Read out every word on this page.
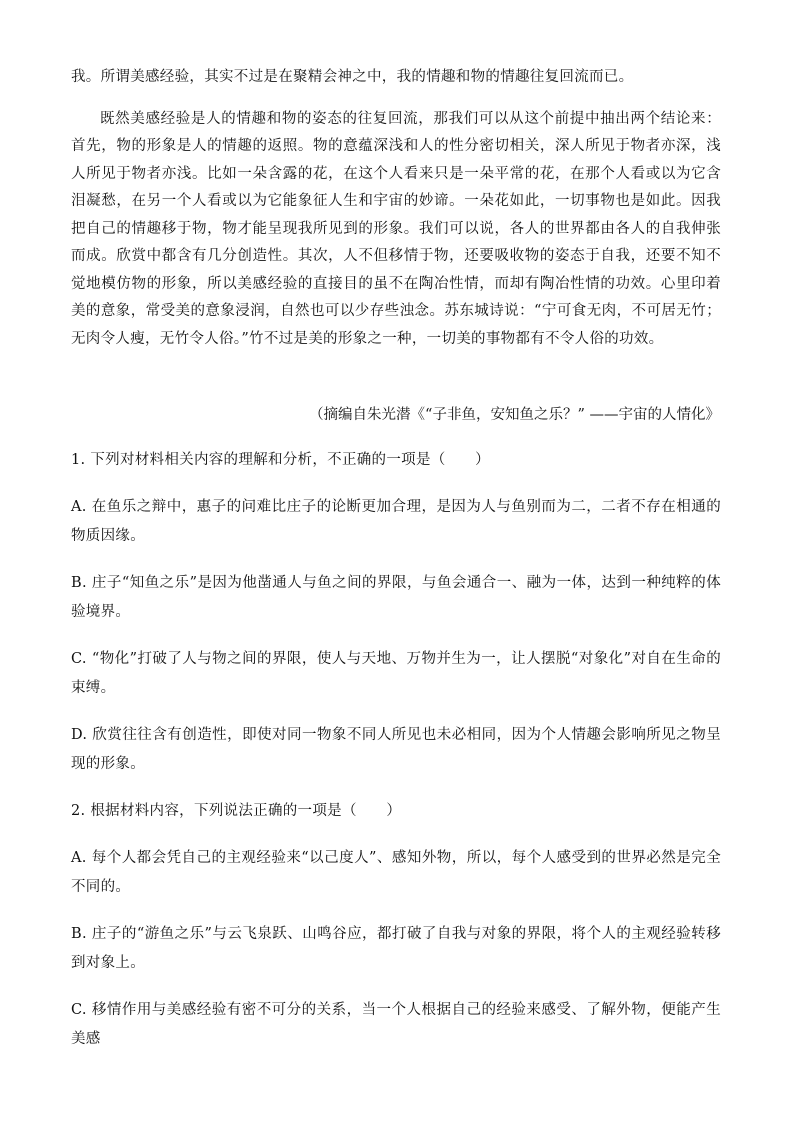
我。所谓美感经验，其实不过是在聚精会神之中，我的情趣和物的情趣往复回流而已。

既然美感经验是人的情趣和物的姿态的往复回流，那我们可以从这个前提中抽出两个结论来：首先，物的形象是人的情趣的返照。物的意蕴深浅和人的性分密切相关，深人所见于物者亦深，浅人所见于物者亦浅。比如一朵含露的花，在这个人看来只是一朵平常的花，在那个人看或以为它含泪凝愁，在另一个人看或以为它能象征人生和宇宙的妙谛。一朵花如此，一切事物也是如此。因我把自己的情趣移于物，物才能呈现我所见到的形象。我们可以说，各人的世界都由各人的自我伸张而成。欣赏中都含有几分创造性。其次，人不但移情于物，还要吸收物的姿态于自我，还要不知不觉地模仿物的形象，所以美感经验的直接目的虽不在陶冶性情，而却有陶冶性情的功效。心里印着美的意象，常受美的意象浸润，自然也可以少存些浊念。苏东城诗说：“宁可食无肉，不可居无竹；无肉令人瘦，无竹令人俗。”竹不过是美的形象之一种，一切美的事物都有不令人俗的功效。

（摘编自朱光潜《“子非鱼，安知鱼之乐？” ——宇宙的人情化》

1. 下列对材料相关内容的理解和分析，不正确的一项是（　　）

A. 在鱼乐之辩中，惠子的问难比庄子的论断更加合理，是因为人与鱼别而为二，二者不存在相通的物质因缘。

B. 庄子“知鱼之乐”是因为他凿通人与鱼之间的界限，与鱼会通合一、融为一体，达到一种纯粹的体验境界。

C. “物化”打破了人与物之间的界限，使人与天地、万物并生为一，让人摆脱“对象化”对自在生命的束缚。

D. 欣赏往往含有创造性，即使对同一物象不同人所见也未必相同，因为个人情趣会影响所见之物呈现的形象。

2. 根据材料内容，下列说法正确的一项是（　　）

A. 每个人都会凭自己的主观经验来“以己度人”、感知外物，所以，每个人感受到的世界必然是完全不同的。

B. 庄子的“游鱼之乐”与云飞泉跃、山鸣谷应，都打破了自我与对象的界限，将个人的主观经验转移到对象上。

C. 移情作用与美感经验有密不可分的关系，当一个人根据自己的经验来感受、了解外物，便能产生美感
